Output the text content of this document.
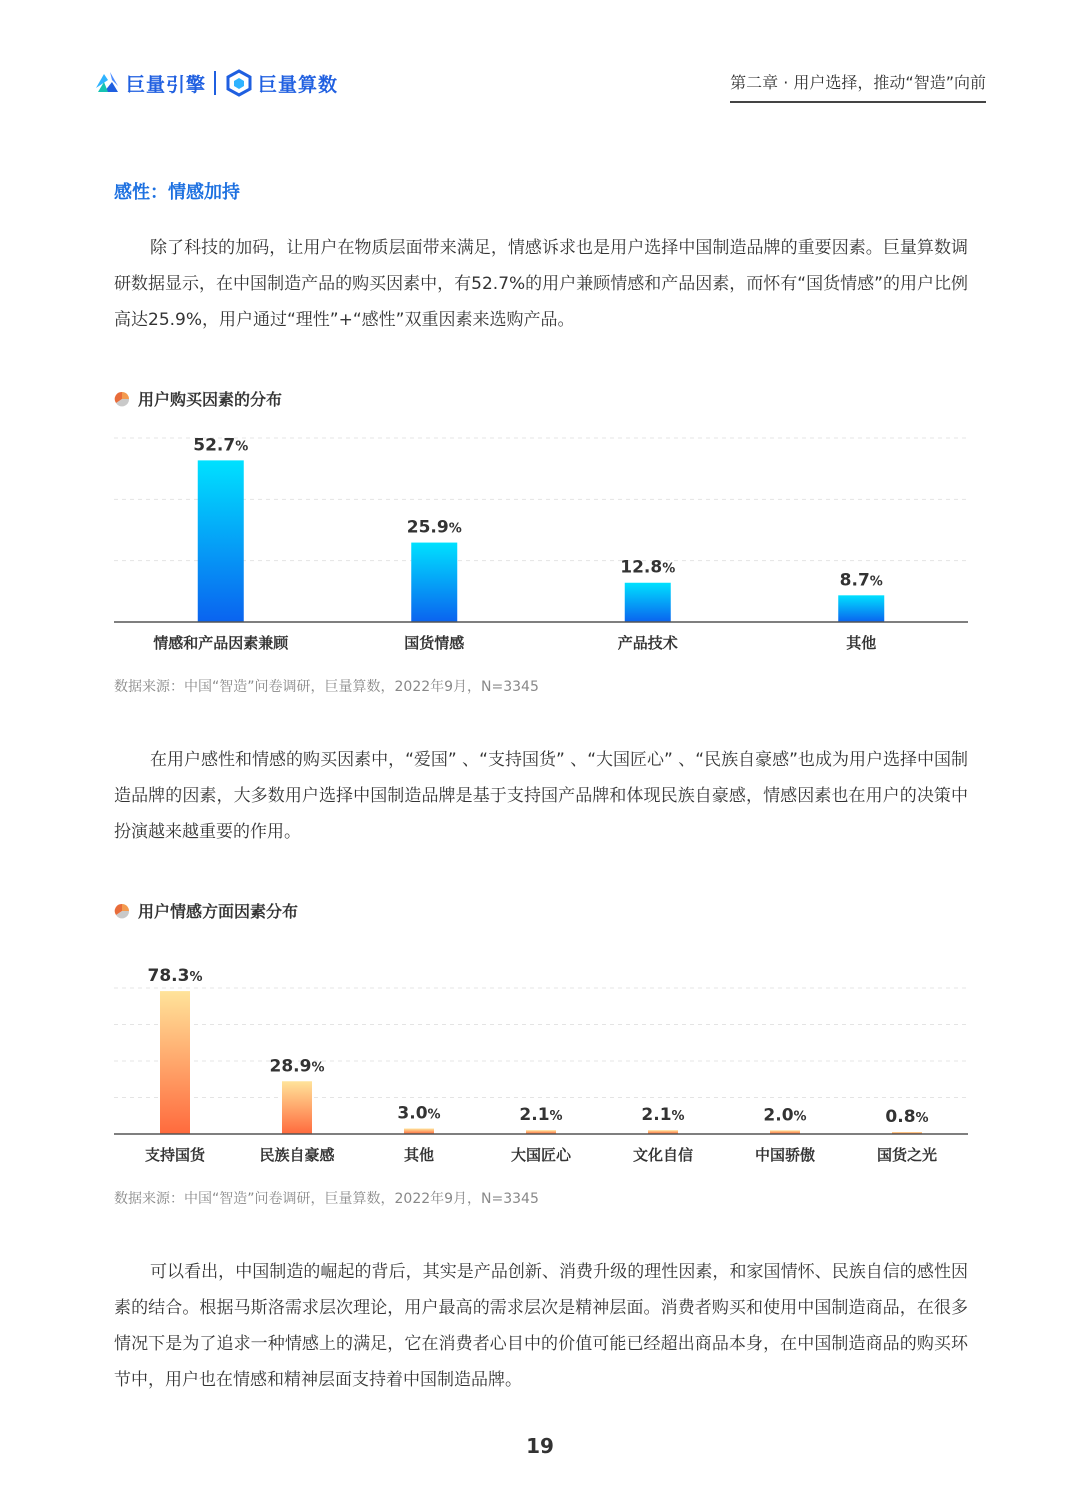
巨量引擎	巨量算数	第二章 · 用户选择，推动“智造”向前
感性：情感加持

除了科技的加码，让用户在物质层面带来满足，情感诉求也是用户选择中国制造品牌的重要因素。巨量算数调研数据显示，在中国制造产品的购买因素中，有52.7%的用户兼顾情感和产品因素，而怀有“国货情感”的用户比例高达25.9%，用户通过“理性”+“感性”双重因素来选购产品。

用户购买因素的分布
52.7%
情感和产品因素兼顾
25.9%
国货情感
12.8%
产品技术
8.7%
其他
数据来源：中国“智造”问卷调研，巨量算数，2022年9月，N=3345

在用户感性和情感的购买因素中，“爱国” 、“支持国货” 、“大国匠心” 、“民族自豪感”也成为用户选择中国制造品牌的因素，大多数用户选择中国制造品牌是基于支持国产品牌和体现民族自豪感，情感因素也在用户的决策中扮演越来越重要的作用。

用户情感方面因素分布
78.3%
支持国货
28.9%
民族自豪感
3.0%
其他
2.1%
大国匠心
2.1%
文化自信
2.0%
中国骄傲
0.8%
国货之光
数据来源：中国“智造”问卷调研，巨量算数，2022年9月，N=3345

可以看出，中国制造的崛起的背后，其实是产品创新、消费升级的理性因素，和家国情怀、民族自信的感性因素的结合。根据马斯洛需求层次理论，用户最高的需求层次是精神层面。消费者购买和使用中国制造商品，在很多情况下是为了追求一种情感上的满足，它在消费者心目中的价值可能已经超出商品本身，在中国制造商品的购买环节中，用户也在情感和精神层面支持着中国制造品牌。

19
